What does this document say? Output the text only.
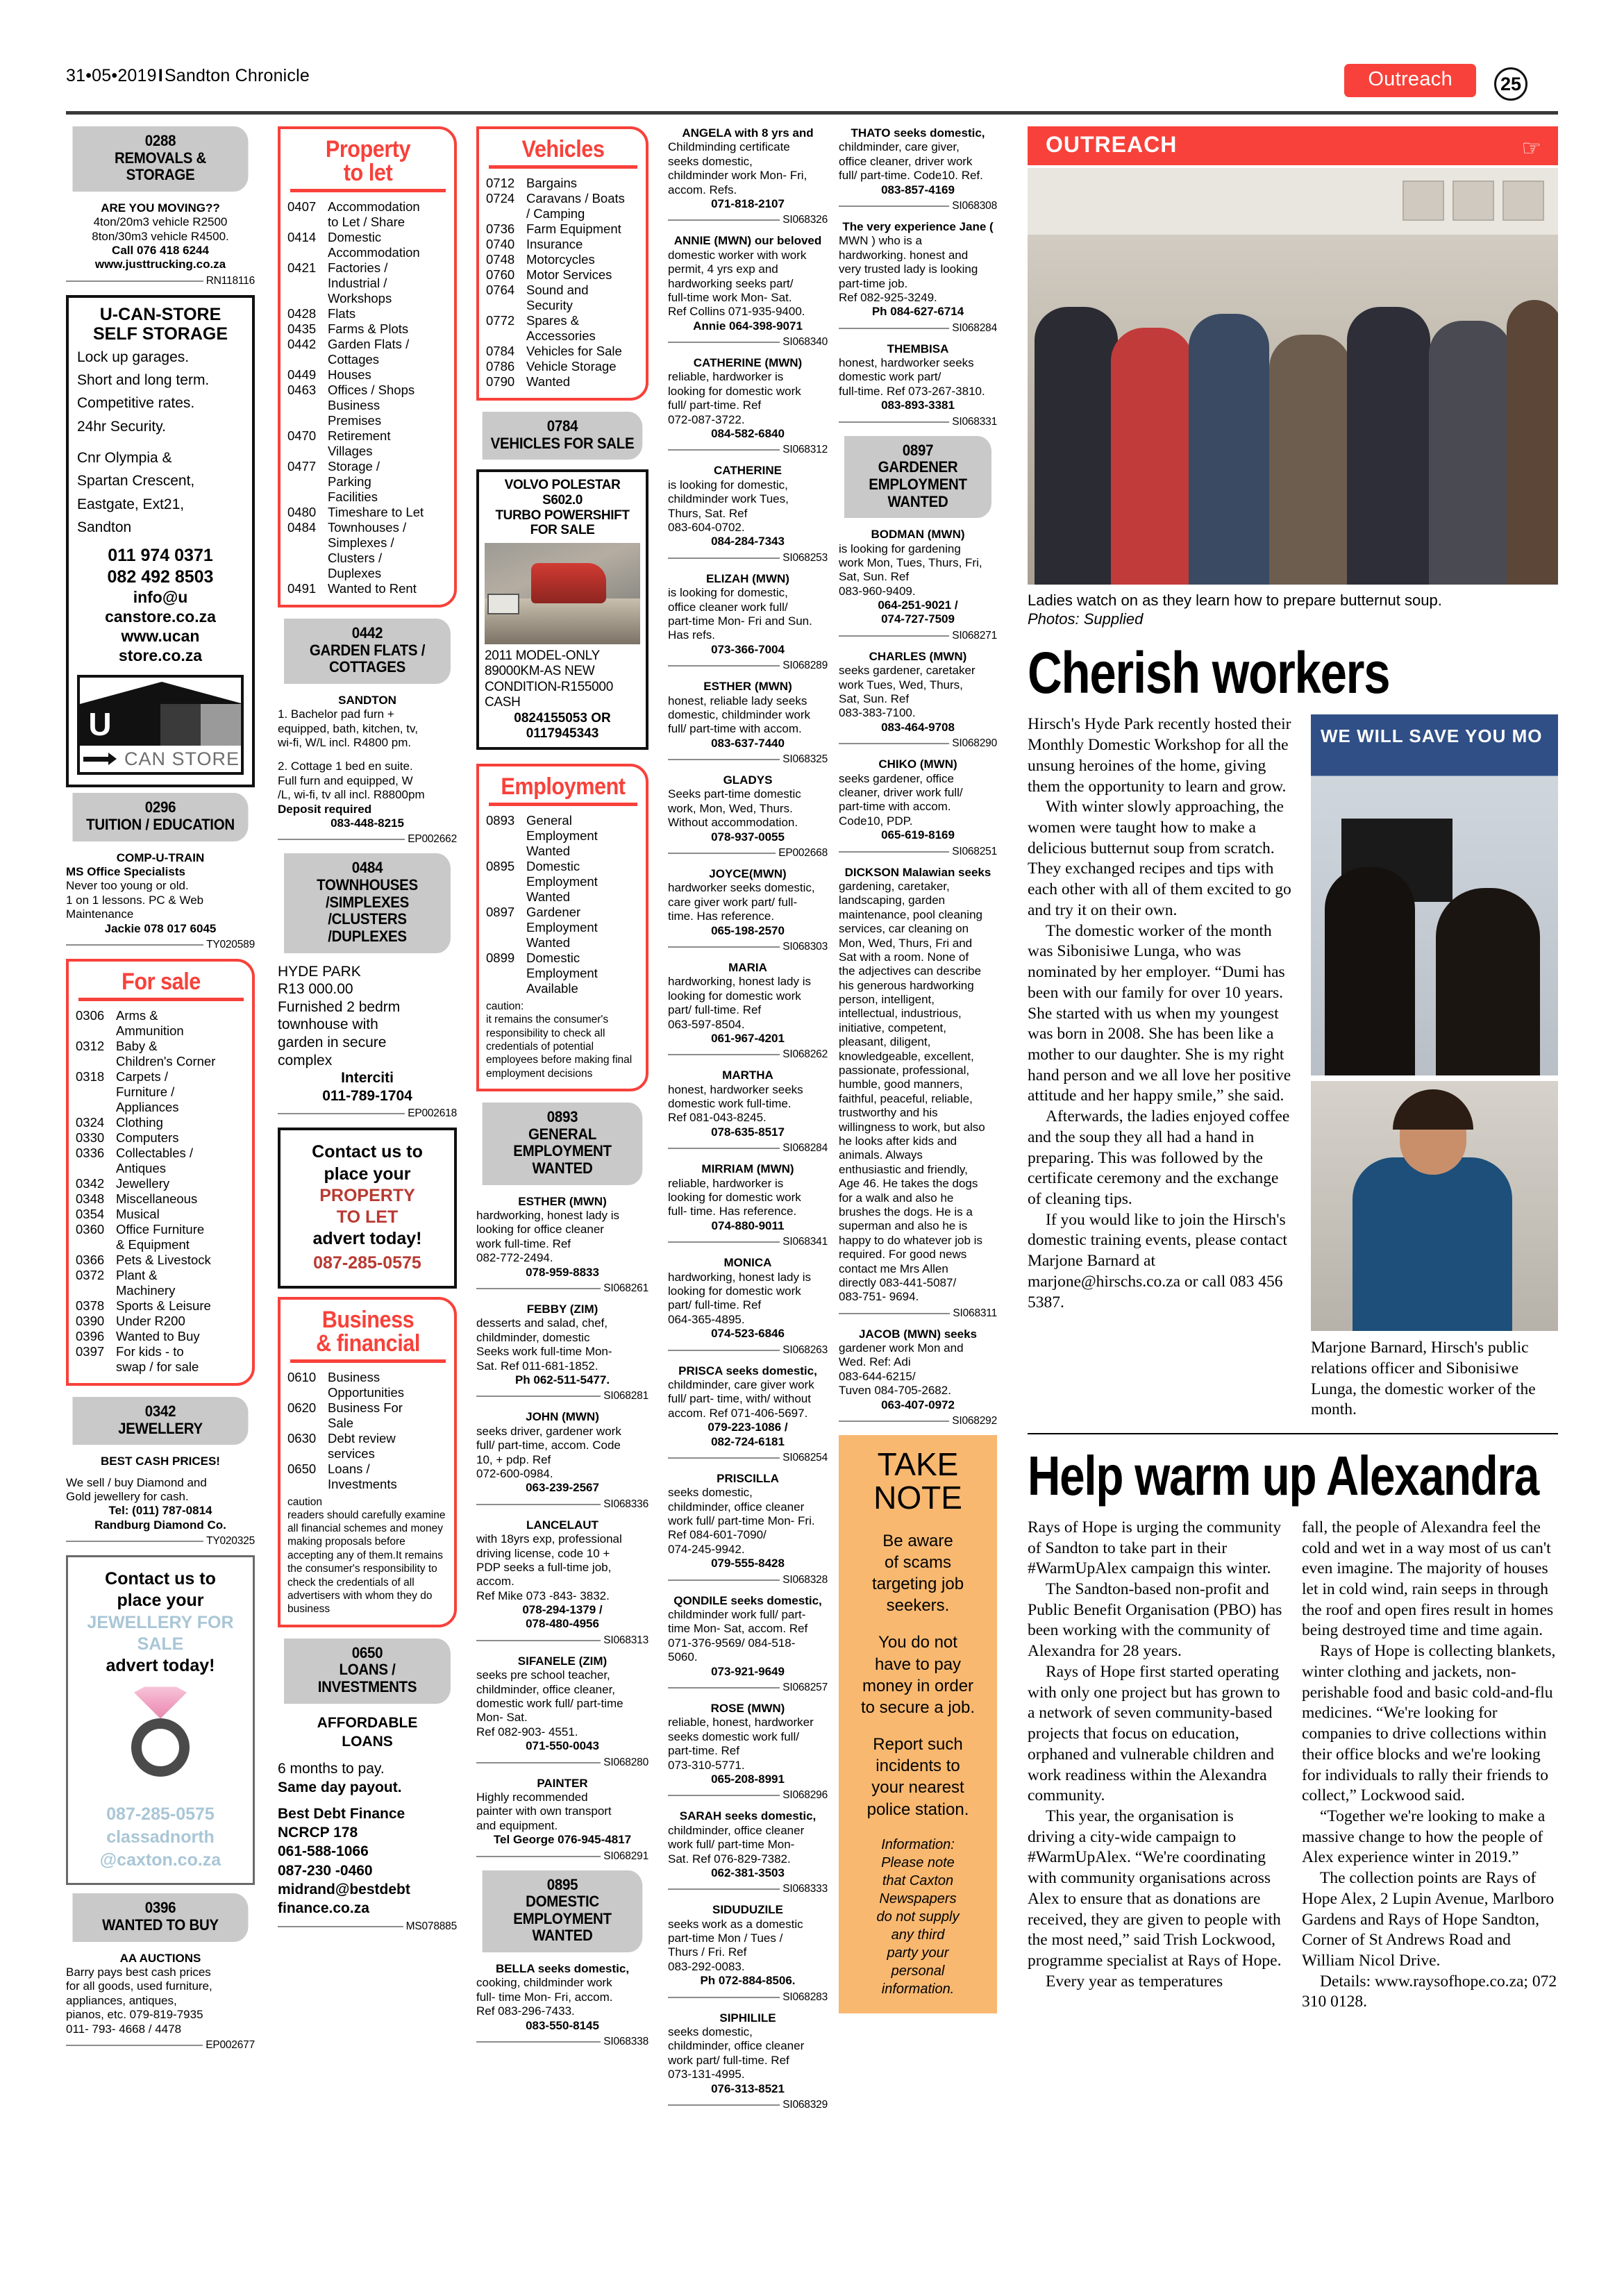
31•05•2019ISandton Chronicle	Outreach	25
0288
REMOVALS &
STORAGE
ARE YOU MOVING??
4ton/20m3 vehicle R2500
8ton/30m3 vehicle R4500.
Call 076 418 6244
www.justtrucking.co.za
RN118116
U-CAN-STORE
SELF STORAGE
Lock up garages.
Short and long term.
Competitive rates.
24hr Security.
Cnr Olympia &
Spartan Crescent,
Eastgate, Ext21,
Sandton
011 974 0371
082 492 8503
info@u
canstore.co.za
www.ucan
store.co.za
U
CAN STORE
0296
TUITION / EDUCATION
COMP-U-TRAIN
MS Office Specialists
Never too young or old.
1 on 1 lessons. PC & Web
Maintenance
Jackie 078 017 6045
TY020589
For sale
0306	Arms &
Ammunition
0312	Baby &
Children's Corner
0318	Carpets /
Furniture /
Appliances
0324	Clothing
0330	Computers
0336	Collectables /
Antiques
0342	Jewellery
0348	Miscellaneous
0354	Musical
0360	Office Furniture
& Equipment
0366	Pets & Livestock
0372	Plant &
Machinery
0378	Sports & Leisure
0390	Under R200
0396	Wanted to Buy
0397	For kids - to
swap / for sale
0342
JEWELLERY
BEST CASH PRICES!
We sell / buy Diamond and
Gold jewellery for cash.
Tel: (011) 787-0814
Randburg Diamond Co.
TY020325
Contact us to
place your
JEWELLERY FOR SALE
advert today!
087-285-0575
classadnorth
@caxton.co.za
0396
WANTED TO BUY
AA AUCTIONS
Barry pays best cash prices
for all goods, used furniture,
appliances, antiques,
pianos, etc. 079-819-7935
011- 793- 4668 / 4478
EP002677
Property
to let
0407	Accommodation
to Let / Share
0414	Domestic
Accommodation
0421	Factories /
Industrial /
Workshops
0428	Flats
0435	Farms & Plots
0442	Garden Flats /
Cottages
0449	Houses
0463	Offices / Shops
Business
Premises
0470	Retirement
Villages
0477	Storage /
Parking
Facilities
0480	Timeshare to Let
0484	Townhouses /
Simplexes /
Clusters /
Duplexes
0491	Wanted to Rent
0442
GARDEN FLATS /
COTTAGES
SANDTON
1. Bachelor pad furn +
equipped, bath, kitchen, tv,
wi-fi, W/L incl. R4800 pm.
2. Cottage 1 bed en suite.
Full furn and equipped, W
/L, wi-fi, tv all incl. R8800pm
Deposit required
083-448-8215
EP002662
0484
TOWNHOUSES
/SIMPLEXES
/CLUSTERS
/DUPLEXES
HYDE PARK
R13 000.00
Furnished 2 bedrm
townhouse with
garden in secure
complex
Interciti
011-789-1704
EP002618
Contact us to
place your
PROPERTY
TO LET
advert today!
087-285-0575
Business
& financial
0610	Business
Opportunities
0620	Business For
Sale
0630	Debt review
services
0650	Loans /
Investments
caution
readers should carefully examine all financial schemes and money making proposals before accepting any of them.It remains the consumer's responsibility to check the credentials of all advertisers with whom they do business
0650
LOANS /
INVESTMENTS
AFFORDABLE
LOANS
6 months to pay.
Same day payout.
Best Debt Finance
NCRCP 178
061-588-1066
087-230 -0460
midrand@bestdebt
finance.co.za
MS078885
Vehicles
0712	Bargains
0724	Caravans / Boats
/ Camping
0736	Farm Equipment
0740	Insurance
0748	Motorcycles
0760	Motor Services
0764	Sound and
Security
0772	Spares &
Accessories
0784	Vehicles for Sale
0786	Vehicle Storage
0790	Wanted
0784
VEHICLES FOR SALE
VOLVO POLESTAR S602.0
TURBO POWERSHIFT
FOR SALE
2011 MODEL-ONLY
89000KM-AS NEW
CONDITION-R155000
CASH
0824155053 OR
0117945343
Employment
0893	General
Employment
Wanted
0895	Domestic
Employment
Wanted
0897	Gardener
Employment
Wanted
0899	Domestic
Employment
Available
caution:
it remains the consumer's responsibility to check all credentials of potential employees before making final employment decisions
0893
GENERAL
EMPLOYMENT
WANTED
ESTHER (MWN)
hardworking, honest lady is
looking for office cleaner
work full-time. Ref
082-772-2494.
078-959-8833
SI068261
FEBBY (ZIM)
desserts and salad, chef,
childminder, domestic
Seeks work full-time Mon-
Sat. Ref 011-681-1852.
Ph 062-511-5477.
SI068281
JOHN (MWN)
seeks driver, gardener work
full/ part-time, accom. Code
10, + pdp. Ref
072-600-0984.
063-239-2567
SI068336
LANCELAUT
with 18yrs exp, professional
driving license, code 10 +
PDP seeks a full-time job,
accom.
Ref Mike 073 -843- 3832.
078-294-1379 /
078-480-4956
SI068313
SIFANELE (ZIM)
seeks pre school teacher,
childminder, office cleaner,
domestic work full/ part-time
Mon- Sat.
Ref 082-903- 4551.
071-550-0043
SI068280
PAINTER
Highly recommended
painter with own transport
and equipment.
Tel George 076-945-4817
SI068291
0895
DOMESTIC
EMPLOYMENT
WANTED
BELLA seeks domestic,
cooking, childminder work
full- time Mon- Fri, accom.
Ref 083-296-7433.
083-550-8145
SI068338
ANGELA with 8 yrs and
Childminding certificate
seeks domestic,
childminder work Mon- Fri,
accom. Refs.
071-818-2107
SI068326
ANNIE (MWN) our beloved
domestic worker with work
permit, 4 yrs exp and
hardworking seeks part/
full-time work Mon- Sat.
Ref Collins 071-935-9400.
Annie 064-398-9071
SI068340
CATHERINE (MWN)
reliable, hardworker is
looking for domestic work
full/ part-time. Ref
072-087-3722.
084-582-6840
SI068312
CATHERINE
is looking for domestic,
childminder work Tues,
Thurs, Sat. Ref
083-604-0702.
084-284-7343
SI068253
ELIZAH (MWN)
is looking for domestic,
office cleaner work full/
part-time Mon- Fri and Sun.
Has refs.
073-366-7004
SI068289
ESTHER (MWN)
honest, reliable lady seeks
domestic, childminder work
full/ part-time with accom.
083-637-7440
SI068325
GLADYS
Seeks part-time domestic
work, Mon, Wed, Thurs.
Without accommodation.
078-937-0055
EP002668
JOYCE(MWN)
hardworker seeks domestic,
care giver work part/ full-
time. Has reference.
065-198-2570
SI068303
MARIA
hardworking, honest lady is
looking for domestic work
part/ full-time. Ref
063-597-8504.
061-967-4201
SI068262
MARTHA
honest, hardworker seeks
domestic work full-time.
Ref 081-043-8245.
078-635-8517
SI068284
MIRRIAM (MWN)
reliable, hardworker is
looking for domestic work
full- time. Has reference.
074-880-9011
SI068341
MONICA
hardworking, honest lady is
looking for domestic work
part/ full-time. Ref
064-365-4895.
074-523-6846
SI068263
PRISCA seeks domestic,
childminder, care giver work
full/ part- time, with/ without
accom. Ref 071-406-5697.
079-223-1086 /
082-724-6181
SI068254
PRISCILLA
seeks domestic,
childminder, office cleaner
work full/ part-time Mon- Fri.
Ref 084-601-7090/
074-245-9942.
079-555-8428
SI068328
QONDILE seeks domestic,
childminder work full/ part-
time Mon- Sat, accom. Ref
071-376-9569/ 084-518-
5060.
073-921-9649
SI068257
ROSE (MWN)
reliable, honest, hardworker
seeks domestic work full/
part-time. Ref
073-310-5771.
065-208-8991
SI068296
SARAH seeks domestic,
childminder, office cleaner
work full/ part-time Mon-
Sat. Ref 076-829-7382.
062-381-3503
SI068333
SIDUDUZILE
seeks work as a domestic
part-time Mon / Tues /
Thurs / Fri. Ref
083-292-0083.
Ph 072-884-8506.
SI068283
SIPHILILE
seeks domestic,
childminder, office cleaner
work part/ full-time. Ref
073-131-4995.
076-313-8521
SI068329
THATO seeks domestic,
childminder, care giver,
office cleaner, driver work
full/ part-time. Code10. Ref.
083-857-4169
SI068308
The very experience Jane (
MWN ) who is a
hardworking. honest and
very trusted lady is looking
part-time job.
Ref 082-925-3249.
Ph 084-627-6714
SI068284
THEMBISA
honest, hardworker seeks
domestic work part/
full-time. Ref 073-267-3810.
083-893-3381
SI068331
0897
GARDENER
EMPLOYMENT
WANTED
BODMAN (MWN)
is looking for gardening
work Mon, Tues, Thurs, Fri,
Sat, Sun. Ref
083-960-9409.
064-251-9021 /
074-727-7509
SI068271
CHARLES (MWN)
seeks gardener, caretaker
work Tues, Wed, Thurs,
Sat, Sun. Ref
083-383-7100.
083-464-9708
SI068290
CHIKO (MWN)
seeks gardener, office
cleaner, driver work full/
part-time with accom.
Code10, PDP.
065-619-8169
SI068251
DICKSON Malawian seeks
gardening, caretaker,
landscaping, garden
maintenance, pool cleaning
services, car cleaning on
Mon, Wed, Thurs, Fri and
Sat with a room. None of
the adjectives can describe
his generous hardworking
person, intelligent,
intellectual, industrious,
initiative, competent,
pleasant, diligent,
knowledgeable, excellent,
passionate, professional,
humble, good manners,
faithful, peaceful, reliable,
trustworthy and his
willingness to work, but also
he looks after kids and
animals. Always
enthusiastic and friendly,
Age 46. He takes the dogs
for a walk and also he
brushes the dogs. He is a
superman and also he is
happy to do whatever job is
required. For good news
contact me Mrs Allen
directly 083-441-5087/
083-751- 9694.
SI068311
JACOB (MWN) seeks
gardener work Mon and
Wed. Ref: Adi
083-644-6215/
Tuven 084-705-2682.
063-407-0972
SI068292
TAKE
NOTE
Be aware
of scams
targeting job
seekers.
You do not
have to pay
money in order
to secure a job.
Report such
incidents to
your nearest
police station.
Information:
Please note
that Caxton
Newspapers
do not supply
any third
party your
personal
information.
OUTREACH	☞
Ladies watch on as they learn how to prepare butternut soup.
Photos: Supplied
Cherish workers

Hirsch's Hyde Park recently hosted their Monthly Domestic Workshop for all the unsung heroines of the home, giving them the opportunity to learn and grow.

With winter slowly approaching, the women were taught how to make a delicious butternut soup from scratch. They exchanged recipes and tips with each other with all of them excited to go and try it on their own.

The domestic worker of the month was Sibonisiwe Lunga, who was nominated by her employer. “Dumi has been with our family for over 10 years. She started with us when my youngest was born in 2008. She has been like a mother to our daughter. She is my right hand person and we all love her positive attitude and her happy smile,” she said.

Afterwards, the ladies enjoyed coffee and the soup they all had a hand in preparing. This was followed by the certificate ceremony and the exchange of cleaning tips.

If you would like to join the Hirsch's domestic training events, please contact Marjone Barnard at marjone@hirschs.co.za or call 083 456 5387.

WE WILL SAVE YOU MO
Marjone Barnard, Hirsch's public relations officer and Sibonisiwe Lunga, the domestic worker of the month.
Help warm up Alexandra

Rays of Hope is urging the community of Sandton to take part in their #WarmUpAlex campaign this winter.

The Sandton-based non-profit and Public Benefit Organisation (PBO) has been working with the community of Alexandra for 28 years.

Rays of Hope first started operating with only one project but has grown to a network of seven community-based projects that focus on education, orphaned and vulnerable children and work readiness within the Alexandra community.

This year, the organisation is driving a city-wide campaign to #WarmUpAlex. “We're coordinating with community organisations across Alex to ensure that as donations are received, they are given to people with the most need,” said Trish Lockwood, programme specialist at Rays of Hope.

Every year as temperatures

fall, the people of Alexandra feel the cold and wet in a way most of us can't even imagine. The majority of houses let in cold wind, rain seeps in through the roof and open fires result in homes being destroyed time and time again.

Rays of Hope is collecting blankets, winter clothing and jackets, non-perishable food and basic cold-and-flu medicines. “We're looking for companies to drive collections within their office blocks and we're looking for individuals to rally their friends to collect,” Lockwood said.

“Together we're looking to make a massive change to how the people of Alex experience winter in 2019.”

The collection points are Rays of Hope Alex, 2 Lupin Avenue, Marlboro Gardens and Rays of Hope Sandton, Corner of St Andrews Road and William Nicol Drive.

Details: www.raysofhope.co.za; 072 310 0128.
